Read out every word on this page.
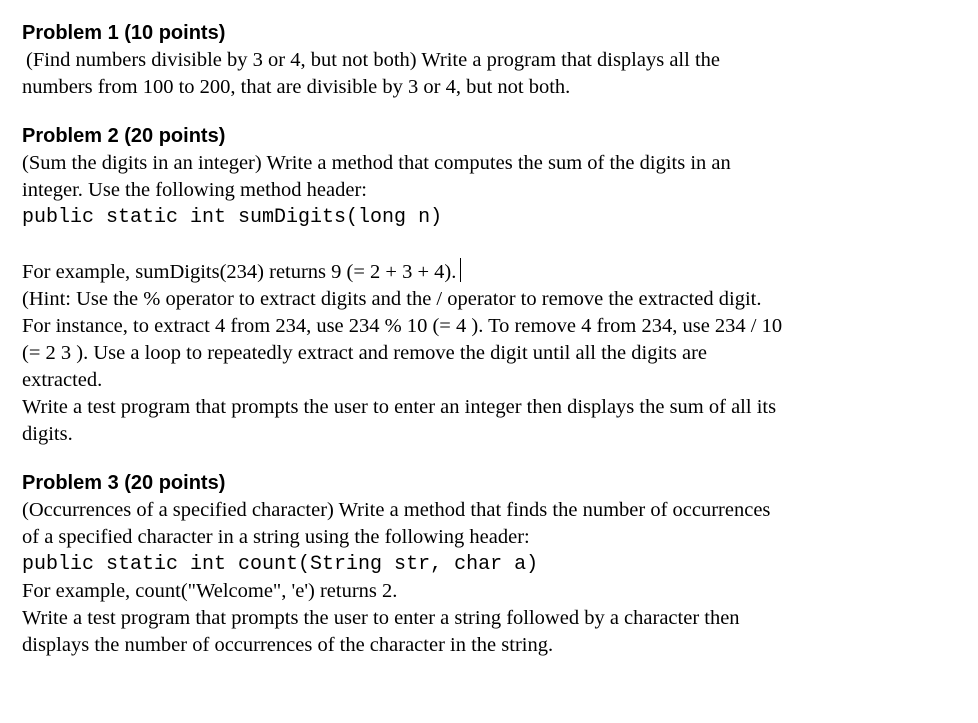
Problem 1 (10 points)

(Find numbers divisible by 3 or 4, but not both) Write a program that displays all the

numbers from 100 to 200, that are divisible by 3 or 4, but not both.

Problem 2 (20 points)

(Sum the digits in an integer) Write a method that computes the sum of the digits in an

integer. Use the following method header:

public static int sumDigits(long n)

For example, sumDigits(234) returns 9 (= 2 + 3 + 4).

(Hint: Use the % operator to extract digits and the / operator to remove the extracted digit.

For instance, to extract 4 from 234, use 234 % 10 (= 4 ). To remove 4 from 234, use 234 / 10

(= 2 3 ). Use a loop to repeatedly extract and remove the digit until all the digits are

extracted.

Write a test program that prompts the user to enter an integer then displays the sum of all its

digits.

Problem 3 (20 points)

(Occurrences of a specified character) Write a method that finds the number of occurrences

of a specified character in a string using the following header:

public static int count(String str, char a)

For example, count("Welcome", 'e') returns 2.

Write a test program that prompts the user to enter a string followed by a character then

displays the number of occurrences of the character in the string.
